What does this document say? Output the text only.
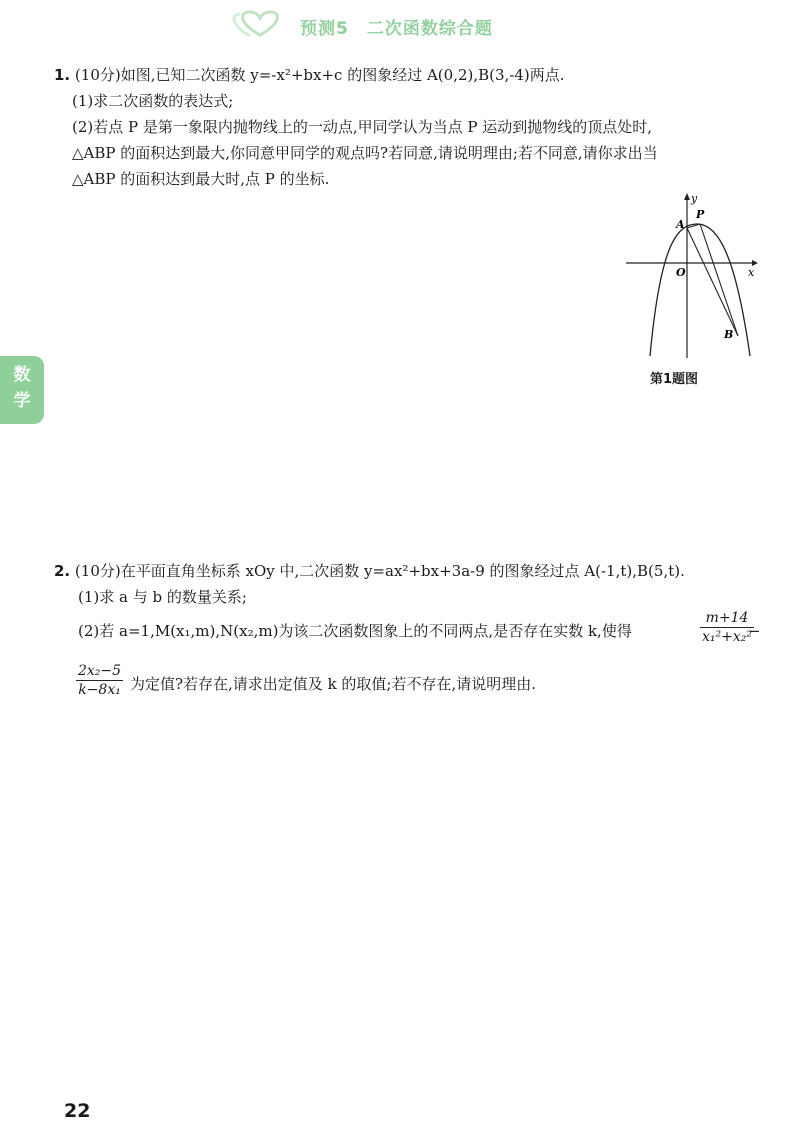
预测5　二次函数综合题
数
学
1. (10分)如图,已知二次函数 y=-x²+bx+c 的图象经过 A(0,2),B(3,-4)两点.
(1)求二次函数的表达式;
(2)若点 P 是第一象限内抛物线上的一动点,甲同学认为当点 P 运动到抛物线的顶点处时,
△ABP 的面积达到最大,你同意甲同学的观点吗?若同意,请说明理由;若不同意,请你求出当
△ABP 的面积达到最大时,点 P 的坐标.
y
x
O
A
P
B
第1题图
2. (10分)在平面直角坐标系 xOy 中,二次函数 y=ax²+bx+3a-9 的图象经过点 A(-1,t),B(5,t).
(1)求 a 与 b 的数量关系;
(2)若 a=1,M(x₁,m),N(x₂,m)为该二次函数图象上的不同两点,是否存在实数 k,使得
m+14
x₁²+x₂²
−
2x₂−5
k−8x₁ 为定值?若存在,请求出定值及 k 的取值;若不存在,请说明理由.
22
